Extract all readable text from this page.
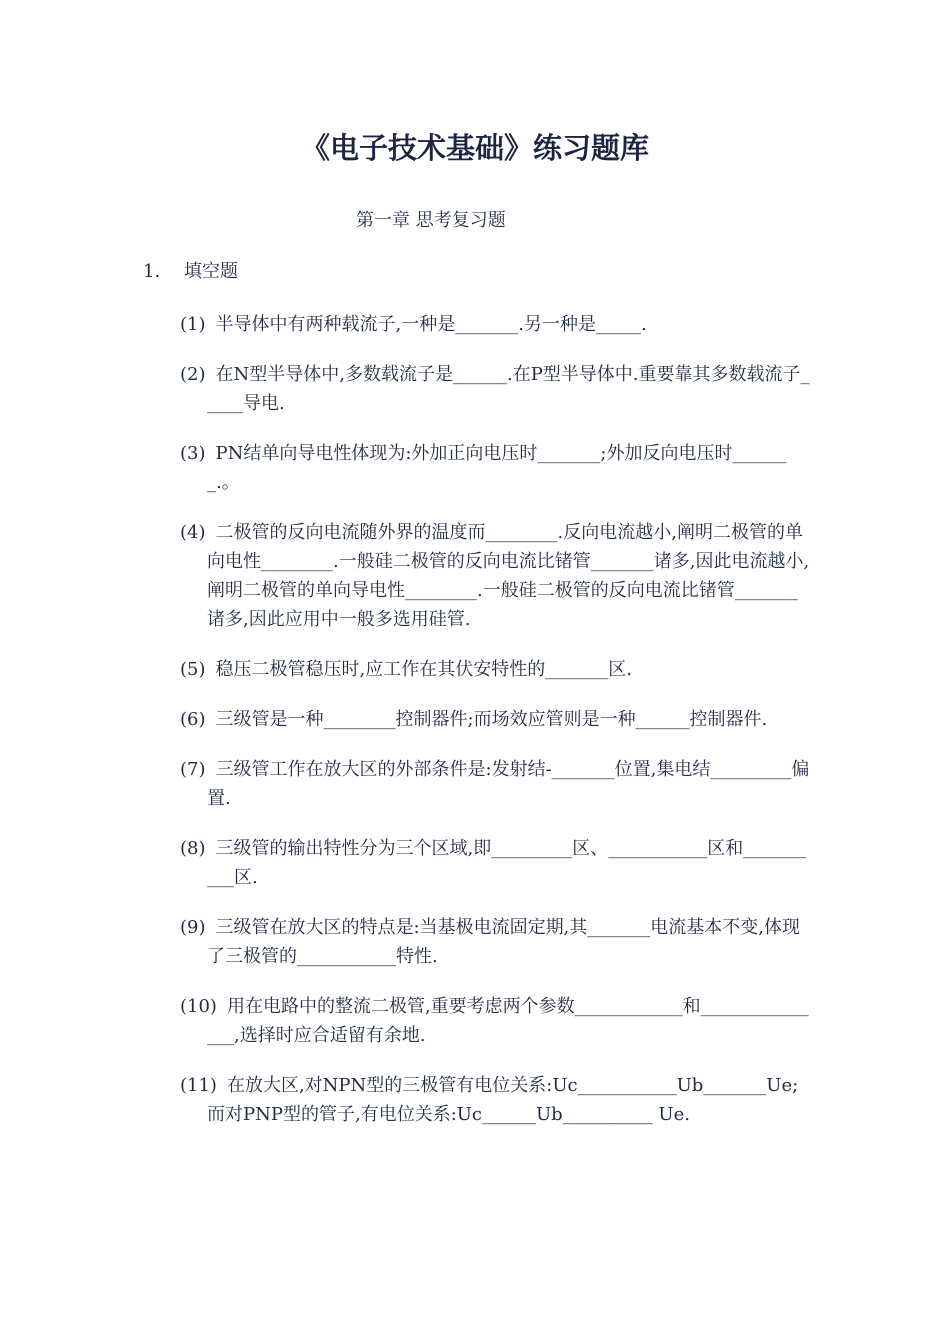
《电子技术基础》练习题库
第一章 思考复习题
1. 填空题
(1) 半导体中有两种载流子,一种是_______.另一种是_____.
(2) 在N型半导体中,多数载流子是______.在P型半导体中.重要靠其多数载流子_____导电.
(3) PN结单向导电性体现为:外加正向电压时_______;外加反向电压时_______.。
(4) 二极管的反向电流随外界的温度而________.反向电流越小,阐明二极管的单向电性________.一般硅二极管的反向电流比锗管_______诸多,因此电流越小,阐明二极管的单向导电性________.一般硅二极管的反向电流比锗管_______诸多,因此应用中一般多选用硅管.
(5) 稳压二极管稳压时,应工作在其伏安特性的_______区.
(6) 三级管是一种________控制器件;而场效应管则是一种______控制器件.
(7) 三级管工作在放大区的外部条件是:发射结-_______位置,集电结_________偏置.
(8) 三级管的输出特性分为三个区域,即_________区、___________区和__________区.
(9) 三级管在放大区的特点是:当基极电流固定期,其_______电流基本不变,体现了三极管的___________特性.
(10) 用在电路中的整流二极管,重要考虑两个参数____________和_______________,选择时应合适留有余地.
(11) 在放大区,对NPN型的三极管有电位关系:Uc___________Ub_______Ue;而对PNP型的管子,有电位关系:Uc______Ub__________ Ue.
